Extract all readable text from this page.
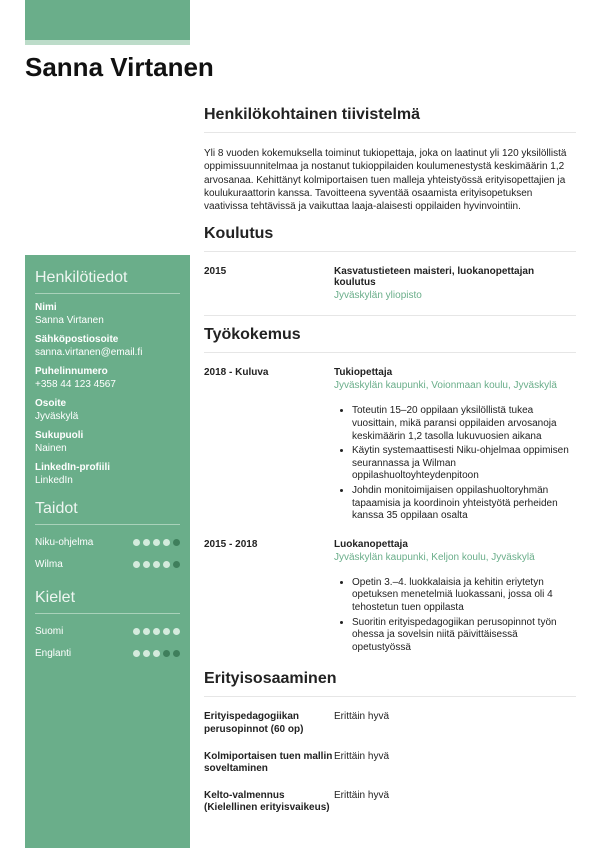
Sanna Virtanen
Henkilötiedot
Nimi
Sanna Virtanen
Sähköpostiosoite
sanna.virtanen@email.fi
Puhelinnumero
+358 44 123 4567
Osoite
Jyväskylä
Sukupuoli
Nainen
LinkedIn-profiili
LinkedIn
Taidot
Niku-ohjelma
Wilma
Kielet
Suomi
Englanti
Henkilökohtainen tiivistelmä

Yli 8 vuoden kokemuksella toiminut tukiopettaja, joka on laatinut yli 120 yksilöllistä oppimissuunnitelmaa ja nostanut tukioppilaiden koulumenestystä keskimäärin 1,2 arvosanaa. Kehittänyt kolmiportaisen tuen malleja yhteistyössä erityisopettajien ja koulukuraattorin kanssa. Tavoitteena syventää osaamista erityisopetuksen vaativissa tehtävissä ja vaikuttaa laaja-alaisesti oppilaiden hyvinvointiin.

Koulutus
2015	Kasvatustieteen maisteri, luokanopettajan koulutus
Jyväskylän yliopisto
Työkokemus
2018 - Kuluva	Tukiopettaja
Jyväskylän kaupunki, Voionmaan koulu, Jyväskylä
• Toteutin 15–20 oppilaan yksilöllistä tukea vuosittain, mikä paransi oppilaiden arvosanoja keskimäärin 1,2 tasolla lukuvuosien aikana
• Käytin systemaattisesti Niku-ohjelmaa oppimisen seurannassa ja Wilman oppilashuoltoyhteydenpitoon
• Johdin monitoimijaisen oppilashuoltoryhmän tapaamisia ja koordinoin yhteistyötä perheiden kanssa 35 oppilaan osalta
2015 - 2018	Luokanopettaja
Jyväskylän kaupunki, Keljon koulu, Jyväskylä
• Opetin 3.–4. luokkalaisia ja kehitin eriytetyn opetuksen menetelmiä luokassani, jossa oli 4 tehostetun tuen oppilasta
• Suoritin erityispedagogiikan perusopinnot työn ohessa ja sovelsin niitä päivittäisessä opetustyössä
Erityisosaaminen
Erityispedagogiikan perusopinnot (60 op)
Erittäin hyvä
Kolmiportaisen tuen mallin soveltaminen
Erittäin hyvä
Kelto-valmennus (Kielellinen erityisvaikeus)
Erittäin hyvä
